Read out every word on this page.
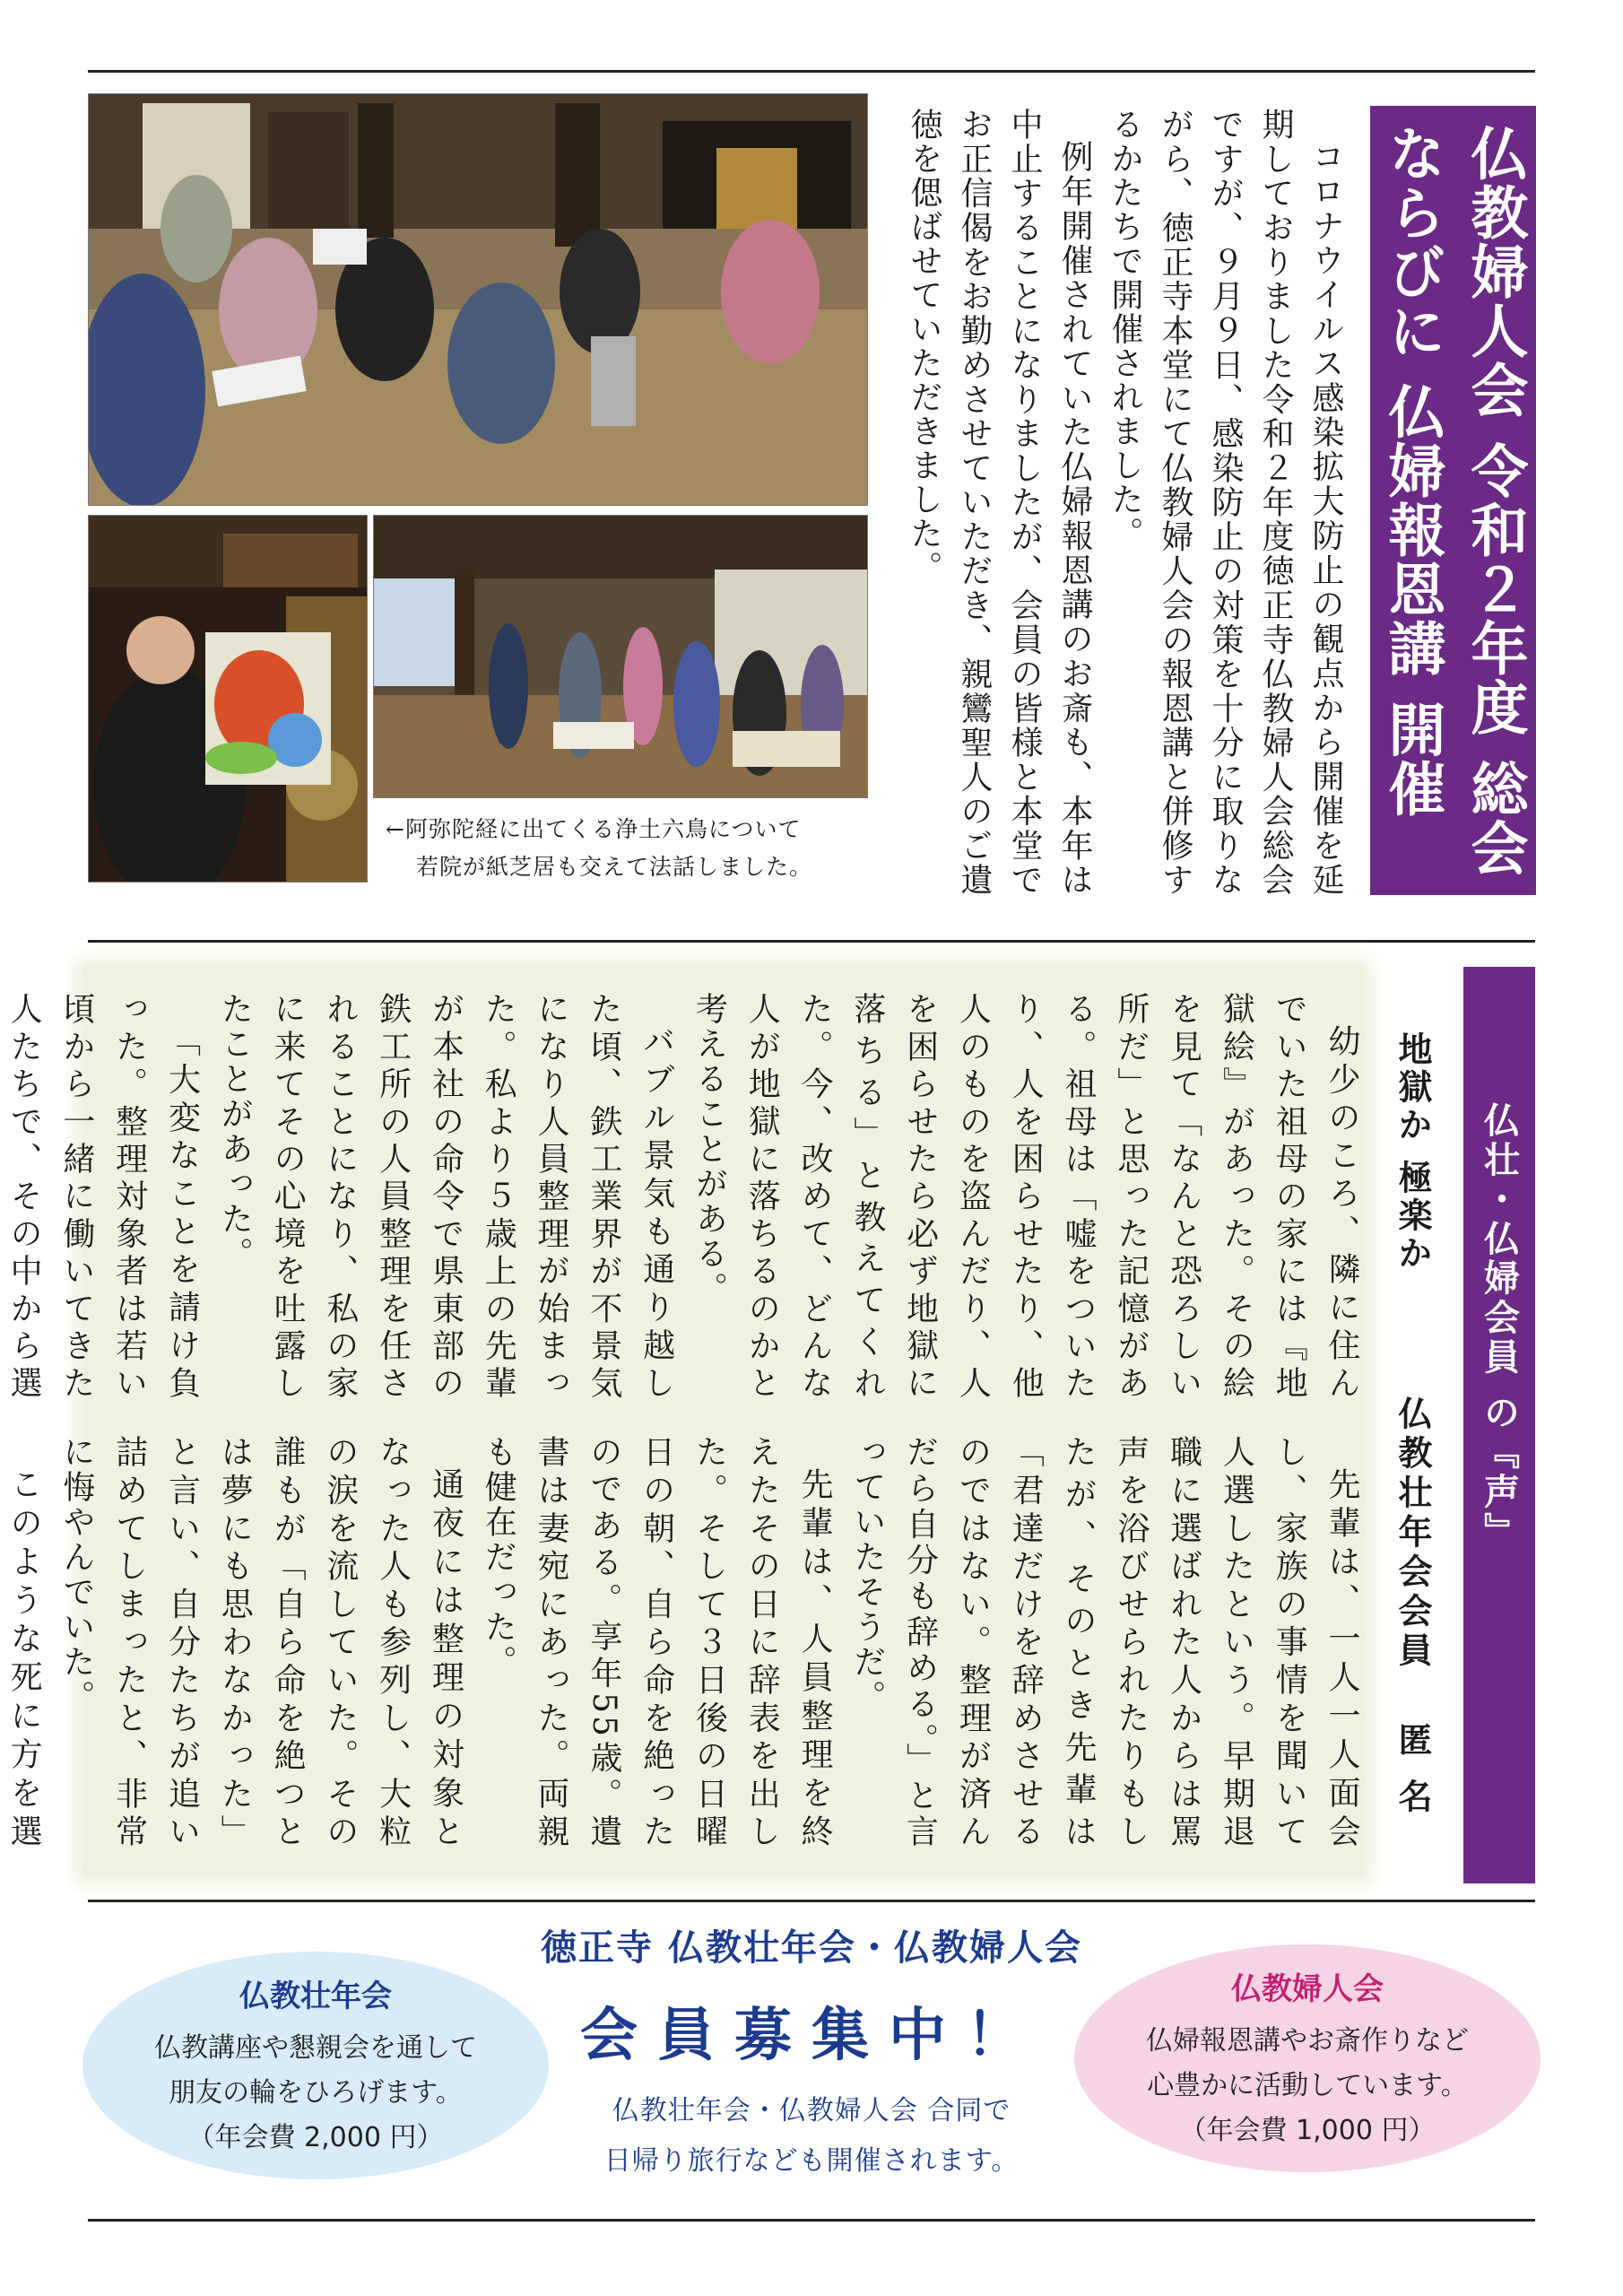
仏教婦人会 令和２年度 総会
ならびに 仏婦報恩講 開催

コロナウイルス感染拡大防止の観点から開催を延期しておりました令和２年度徳正寺仏教婦人会総会ですが、９月９日、感染防止の対策を十分に取りながら、徳正寺本堂にて仏教婦人会の報恩講と併修するかたちで開催されました。

例年開催されていた仏婦報恩講のお斎も、本年は中止することになりましたが、会員の皆様と本堂でお正信偈をお勤めさせていただき、親鸞聖人のご遺徳を偲ばせていただきました。

←阿弥陀経に出てくる浄土六鳥について
若院が紙芝居も交えて法話しました。
仏壮・仏婦会員 の『声』
地獄か 極楽か
仏教壮年会会員匿 名

幼少のころ、隣に住んでいた祖母の家には『地獄絵』があった。その絵を見て「なんと恐ろしい所だ」と思った記憶がある。祖母は「嘘をついたり、人を困らせたり、他人のものを盗んだり、人を困らせたら必ず地獄に落ちる」と教えてくれた。今、改めて、どんな人が地獄に落ちるのかと考えることがある。

バブル景気も通り越した頃、鉄工業界が不景気になり人員整理が始まった。私より５歳上の先輩が本社の命令で県東部の鉄工所の人員整理を任されることになり、私の家に来てその心境を吐露したことがあった。

「大変なことを請け負った。整理対象者は若い頃から一緒に働いてきた人たちで、その中から選

先輩は、一人一人面会し、家族の事情を聞いて人選したという。早期退職に選ばれた人からは罵声を浴びせられたりもしたが、そのとき先輩は「君達だけを辞めさせるのではない。整理が済んだら自分も辞める。」と言っていたそうだ。

先輩は、人員整理を終えたその日に辞表を出した。そして３日後の日曜日の朝、自ら命を絶ったのである。享年55歳。遺書は妻宛にあった。両親も健在だった。

通夜には整理の対象となった人も参列し、大粒の涙を流していた。その誰もが「自ら命を絶つとは夢にも思わなかった」と言い、自分たちが追い詰めてしまったと、非常に悔やんでいた。

このような死に方を選

徳正寺 仏教壮年会・仏教婦人会
会員募集中！
仏教壮年会・仏教婦人会 合同で
日帰り旅行なども開催されます。
仏教壮年会
仏教講座や懇親会を通して
朋友の輪をひろげます。
（年会費 2,000 円）
仏教婦人会
仏婦報恩講やお斎作りなど
心豊かに活動しています。
（年会費 1,000 円）
